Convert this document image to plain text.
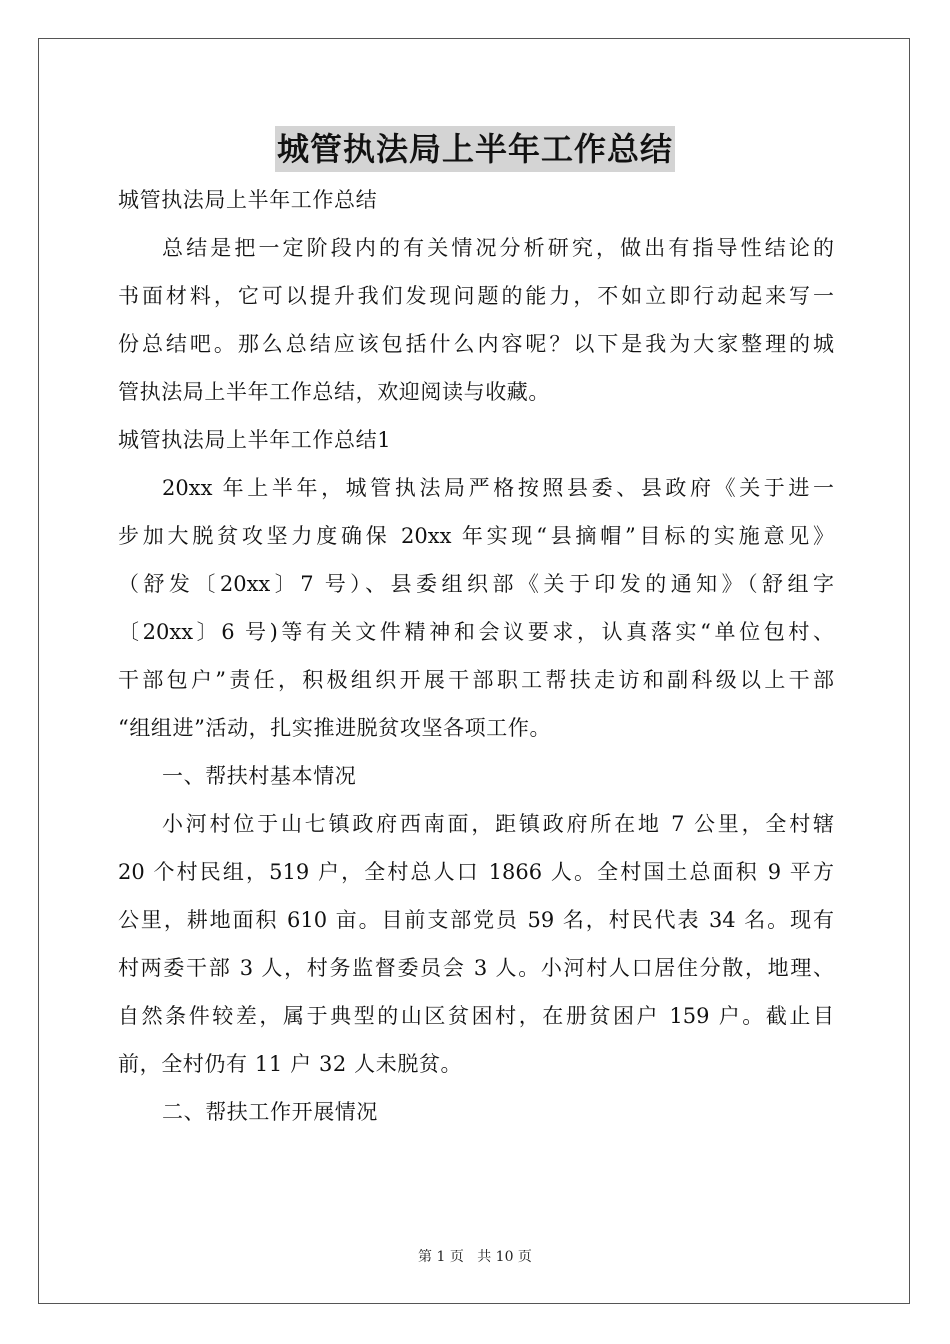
城管执法局上半年工作总结

城管执法局上半年工作总结

总结是把一定阶段内的有关情况分析研究，做出有指导性结论的
书面材料，它可以提升我们发现问题的能力，不如立即行动起来写一
份总结吧。那么总结应该包括什么内容呢？以下是我为大家整理的城
管执法局上半年工作总结，欢迎阅读与收藏。

城管执法局上半年工作总结1

20xx 年上半年，城管执法局严格按照县委、县政府《关于进一
步加大脱贫攻坚力度确保 20xx 年实现“县摘帽”目标的实施意见》
（舒发〔20xx〕7 号）、县委组织部《关于印发的通知》（舒组字
〔20xx〕6 号)等有关文件精神和会议要求，认真落实“单位包村、
干部包户”责任，积极组织开展干部职工帮扶走访和副科级以上干部
“组组进”活动，扎实推进脱贫攻坚各项工作。

一、帮扶村基本情况

小河村位于山七镇政府西南面，距镇政府所在地 7 公里，全村辖
20 个村民组，519 户，全村总人口 1866 人。全村国土总面积 9 平方
公里，耕地面积 610 亩。目前支部党员 59 名，村民代表 34 名。现有
村两委干部 3 人，村务监督委员会 3 人。小河村人口居住分散，地理、
自然条件较差，属于典型的山区贫困村，在册贫困户 159 户。截止目
前，全村仍有 11 户 32 人未脱贫。

二、帮扶工作开展情况

第 1 页 共 10 页
